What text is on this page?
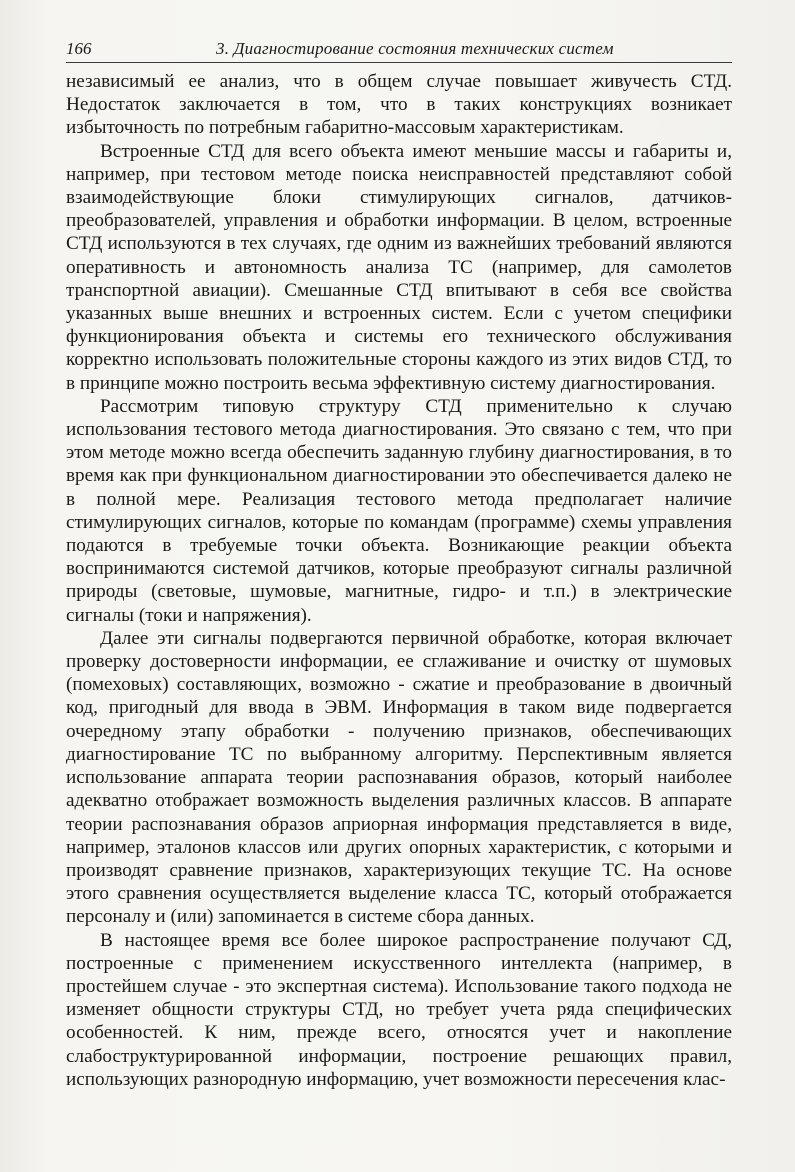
166	3. Диагностирование состояния технических систем

независимый ее анализ, что в общем случае повышает живучесть СТД. Недостаток заключается в том, что в таких конструкциях возникает избыточность по потребным габаритно-массовым характеристикам.

Встроенные СТД для всего объекта имеют меньшие массы и габариты и, например, при тестовом методе поиска неисправностей представляют собой взаимодействующие блоки стимулирующих сигналов, датчиков-преобразователей, управления и обработки информации. В целом, встроенные СТД используются в тех случаях, где одним из важнейших требований являются оперативность и автономность анализа ТС (например, для самолетов транспортной авиации). Смешанные СТД впитывают в себя все свойства указанных выше внешних и встроенных систем. Если с учетом специфики функционирования объекта и системы его технического обслуживания корректно использовать положительные стороны каждого из этих видов СТД, то в принципе можно построить весьма эффективную систему диагностирования.

Рассмотрим типовую структуру СТД применительно к случаю использования тестового метода диагностирования. Это связано с тем, что при этом методе можно всегда обеспечить заданную глубину диагностирования, в то время как при функциональном диагностировании это обеспечивается далеко не в полной мере. Реализация тестового метода предполагает наличие стимулирующих сигналов, которые по командам (программе) схемы управления подаются в требуемые точки объекта. Возникающие реакции объекта воспринимаются системой датчиков, которые преобразуют сигналы различной природы (световые, шумовые, магнитные, гидро- и т.п.) в электрические сигналы (токи и напряжения).

Далее эти сигналы подвергаются первичной обработке, которая включает проверку достоверности информации, ее сглаживание и очистку от шумовых (помеховых) составляющих, возможно - сжатие и преобразование в двоичный код, пригодный для ввода в ЭВМ. Информация в таком виде подвергается очередному этапу обработки - получению признаков, обеспечивающих диагностирование ТС по выбранному алгоритму. Перспективным является использование аппарата теории распознавания образов, который наиболее адекватно отображает возможность выделения различных классов. В аппарате теории распознавания образов априорная информация представляется в виде, например, эталонов классов или других опорных характеристик, с которыми и производят сравнение признаков, характеризующих текущие ТС. На основе этого сравнения осуществляется выделение класса ТС, который отображается персоналу и (или) запоминается в системе сбора данных.

В настоящее время все более широкое распространение получают СД, построенные с применением искусственного интеллекта (например, в простейшем случае - это экспертная система). Использование такого подхода не изменяет общности структуры СТД, но требует учета ряда специфических особенностей. К ним, прежде всего, относятся учет и накопление слабоструктурированной информации, построение решающих правил, использующих разнородную информацию, учет возможности пересечения клас-
